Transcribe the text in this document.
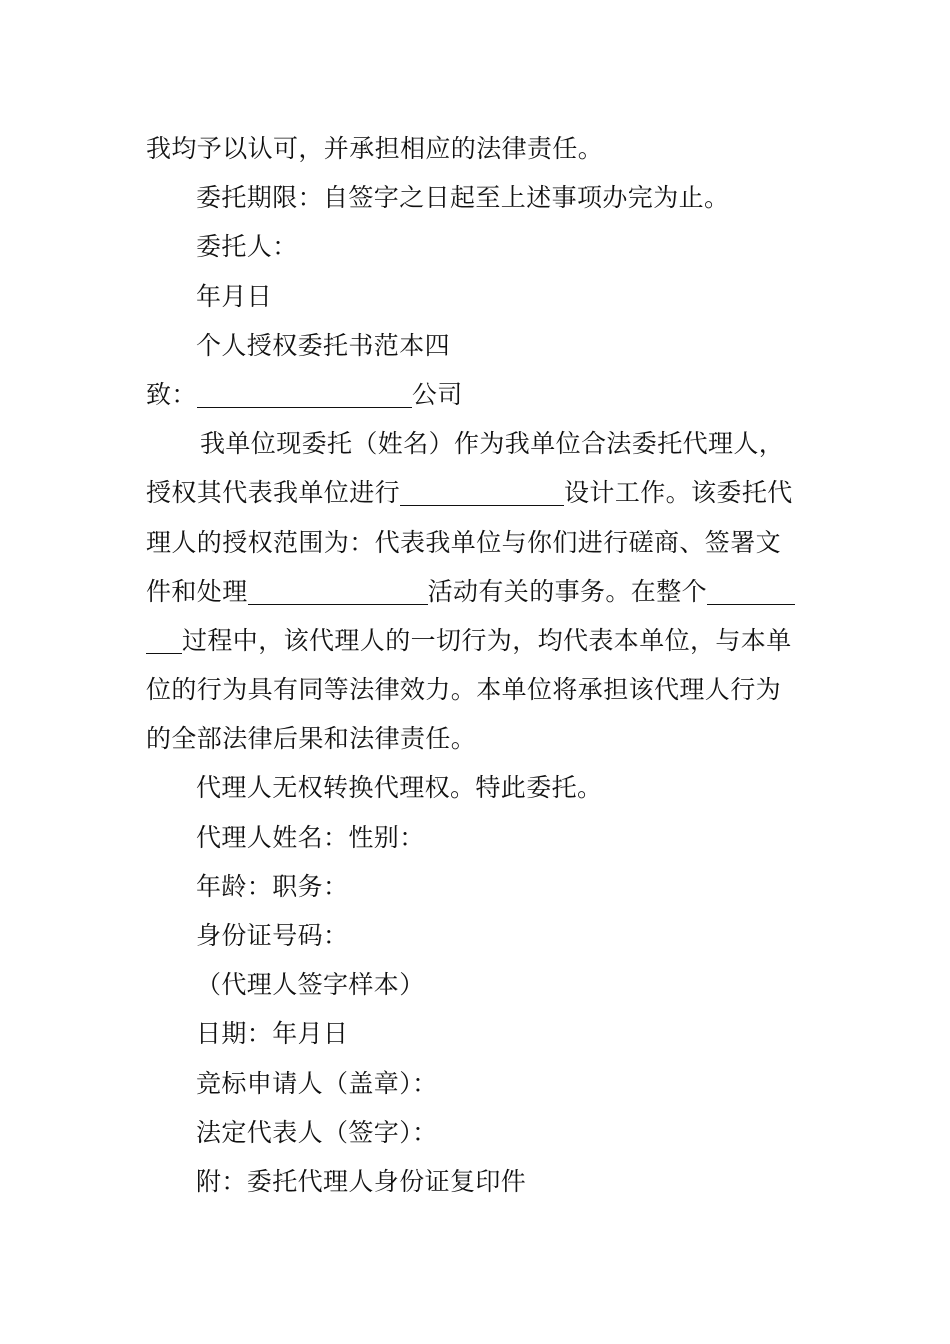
我均予以认可，并承担相应的法律责任。
委托期限：自签字之日起至上述事项办完为止。
委托人：
年月日
个人授权委托书范本四
致：	公司
我单位现委托（姓名）作为我单位合法委托代理人，
授权其代表我单位进行	设计工作。该委托代
理人的授权范围为：代表我单位与你们进行磋商、签署文
件和处理	活动有关的事务。在整个
过程中，该代理人的一切行为，均代表本单位，与本单
位的行为具有同等法律效力。本单位将承担该代理人行为
的全部法律后果和法律责任。
代理人无权转换代理权。特此委托。
代理人姓名：性别：
年龄：职务：
身份证号码：
（代理人签字样本）
日期：年月日
竞标申请人（盖章）：
法定代表人（签字）：
附：委托代理人身份证复印件
